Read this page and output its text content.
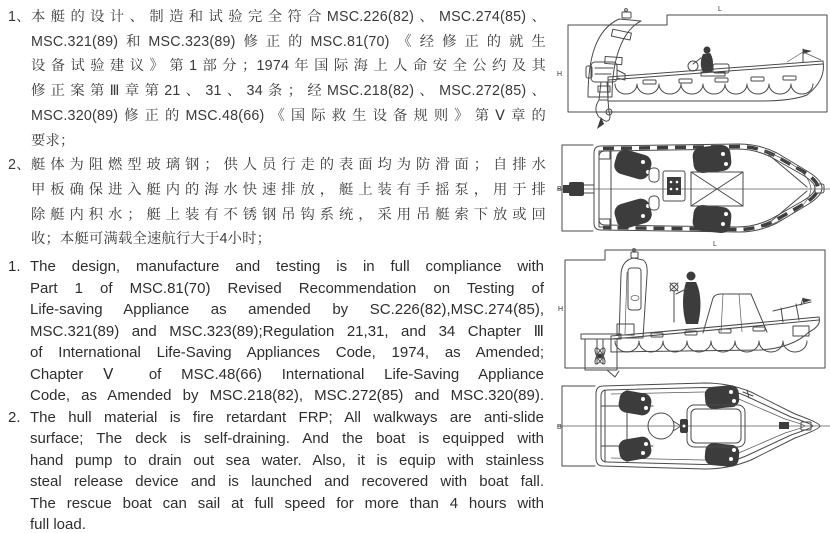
1、 本艇的设计、制造和试验完全符合MSC.226(82)、MSC.274(85)、
MSC.321(89)和MSC.323(89)修正的MSC.81(70)《经修正的就生
设备试验建议》第1部分；1974年国际海上人命安全公约及其
修正案第Ⅲ章第21、31、34条；经MSC.218(82)、MSC.272(85)、
MSC.320(89)修正的MSC.48(66)《国际救生设备规则》第Ⅴ章的
要求；
2、 艇体为阻燃型玻璃钢；供人员行走的表面均为防滑面；自排水
甲板确保进入艇内的海水快速排放，艇上装有手摇泵，用于排
除艇内积水；艇上装有不锈钢吊钩系统，采用吊艇索下放或回
收；本艇可满载全速航行大于4小时；
1. The design, manufacture and testing is in full compliance with
Part 1 of MSC.81(70) Revised Recommendation on Testing of
Life-saving Appliance as amended by SC.226(82),MSC.274(85),
MSC.321(89) and MSC.323(89);Regulation 21,31, and 34 Chapter Ⅲ
of International Life-Saving Appliances Code, 1974, as Amended;
Chapter Ⅴ of MSC.48(66) International Life-Saving Appliance
Code, as Amended by MSC.218(82), MSC.272(85) and MSC.320(89).
2. The hull material is fire retardant FRP; All walkways are anti-slide
surface; The deck is self-draining. And the boat is equipped with
hand pump to drain out sea water. Also, it is equip with stainless
steal release device and is launched and recovered with boat fall.
The rescue boat can sail at full speed for more than 4 hours with
full load.
L
H
B
L
H
B
